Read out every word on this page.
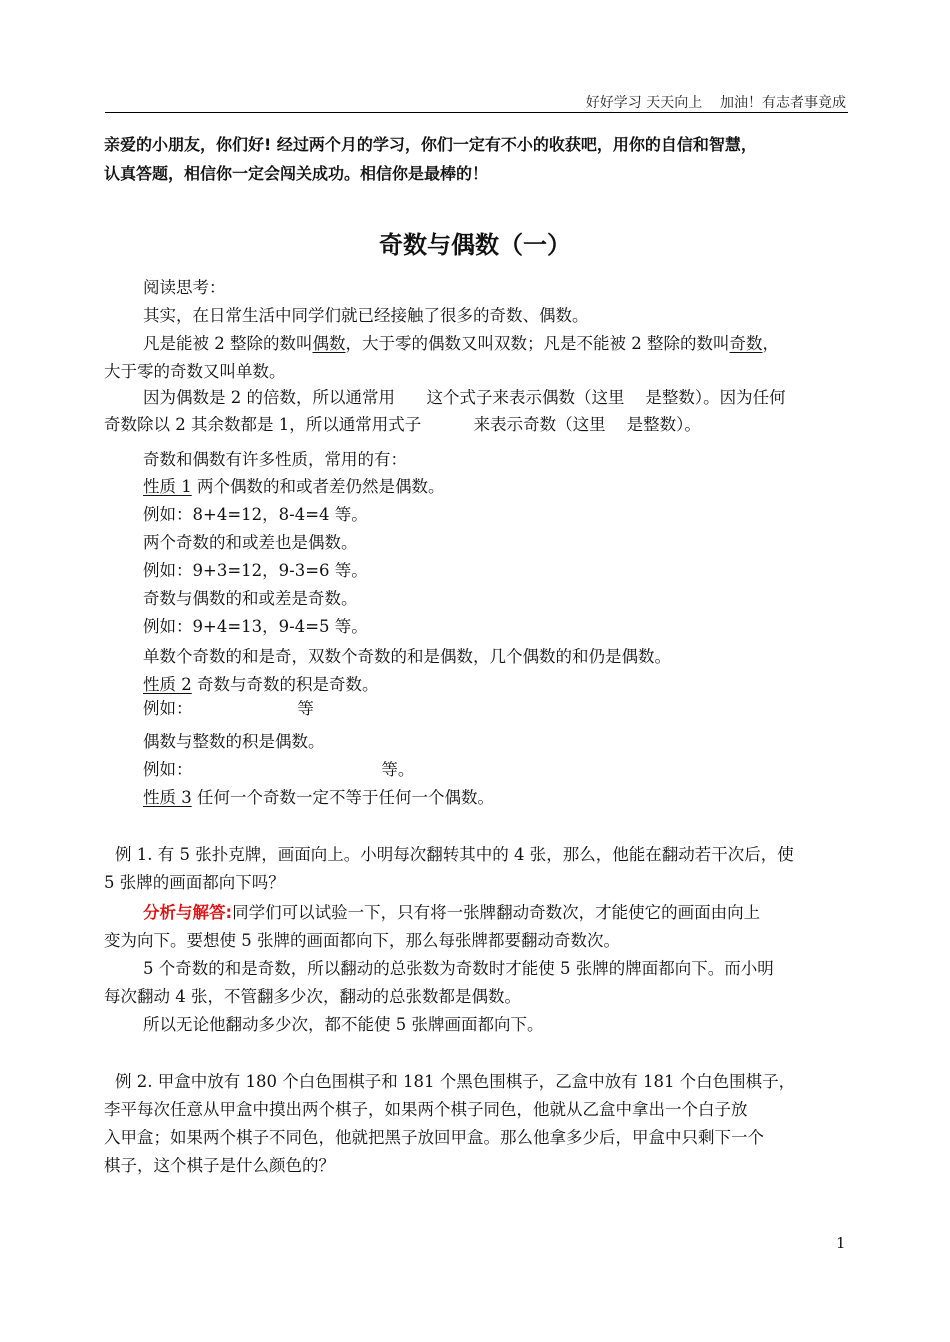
好好学习 天天向上    加油！有志者事竟成
亲爱的小朋友，你们好! 经过两个月的学习，你们一定有不小的收获吧，用你的自信和智慧，
认真答题，相信你一定会闯关成功。相信你是最棒的！
奇数与偶数（一）
阅读思考：
其实，在日常生活中同学们就已经接触了很多的奇数、偶数。
凡是能被 2 整除的数叫偶数，大于零的偶数又叫双数；凡是不能被 2 整除的数叫奇数，
大于零的奇数又叫单数。
因为偶数是 2 的倍数，所以通常用      这个式子来表示偶数（这里    是整数）。因为任何
奇数除以 2 其余数都是 1，所以通常用式子          来表示奇数（这里    是整数）。
奇数和偶数有许多性质，常用的有：
性质 1 两个偶数的和或者差仍然是偶数。
例如：8+4=12，8-4=4 等。
两个奇数的和或差也是偶数。
例如：9+3=12，9-3=6 等。
奇数与偶数的和或差是奇数。
例如：9+4=13，9-4=5 等。
单数个奇数的和是奇，双数个奇数的和是偶数，几个偶数的和仍是偶数。
性质 2 奇数与奇数的积是奇数。
例如：                    等
偶数与整数的积是偶数。
例如：                                    等。
性质 3 任何一个奇数一定不等于任何一个偶数。
例 1. 有 5 张扑克牌，画面向上。小明每次翻转其中的 4 张，那么，他能在翻动若干次后，使
5 张牌的画面都向下吗？
分析与解答:同学们可以试验一下，只有将一张牌翻动奇数次，才能使它的画面由向上
变为向下。要想使 5 张牌的画面都向下，那么每张牌都要翻动奇数次。
5 个奇数的和是奇数，所以翻动的总张数为奇数时才能使 5 张牌的牌面都向下。而小明
每次翻动 4 张，不管翻多少次，翻动的总张数都是偶数。
所以无论他翻动多少次，都不能使 5 张牌画面都向下。
例 2. 甲盒中放有 180 个白色围棋子和 181 个黑色围棋子，乙盒中放有 181 个白色围棋子，
李平每次任意从甲盒中摸出两个棋子，如果两个棋子同色，他就从乙盒中拿出一个白子放
入甲盒；如果两个棋子不同色，他就把黑子放回甲盒。那么他拿多少后，甲盒中只剩下一个
棋子，这个棋子是什么颜色的？
1
